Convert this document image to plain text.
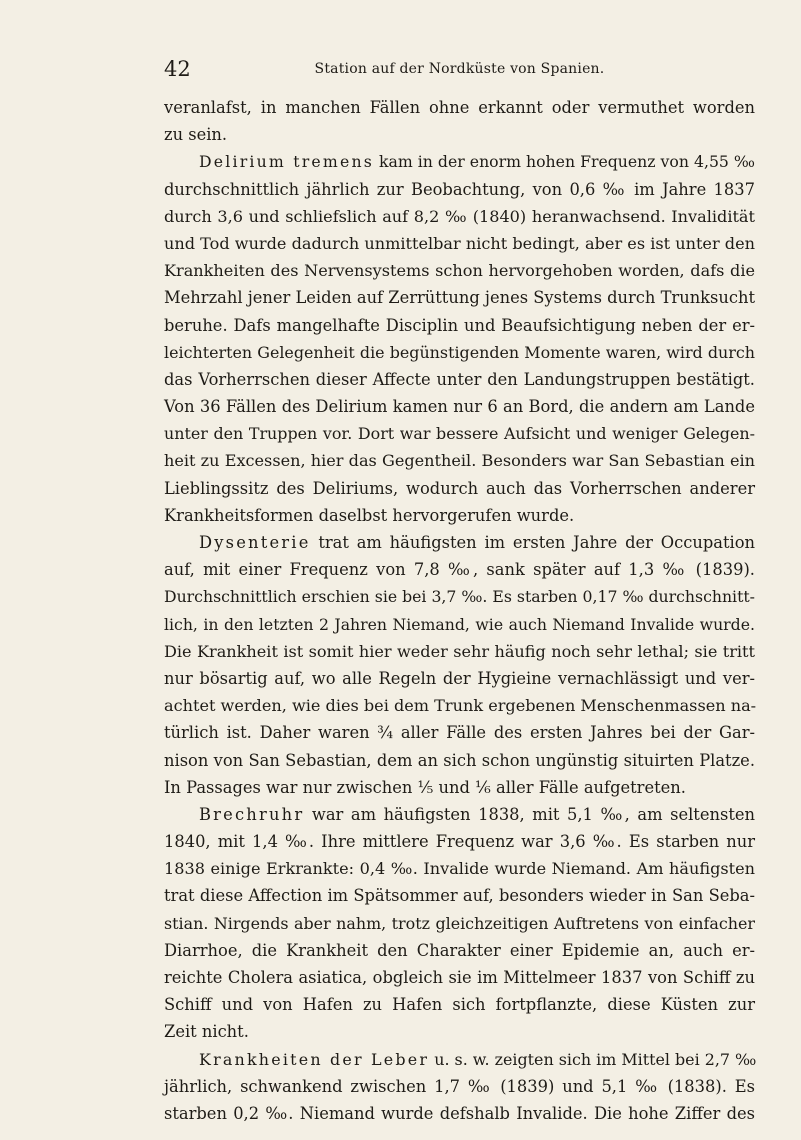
42	Station auf der Nordküste von Spanien.
veranlafst, in manchen Fällen ohne erkannt oder vermuthet worden
zu sein.
Delirium tremens kam in der enorm hohen Frequenz von 4,55 ‰
durchschnittlich jährlich zur Beobachtung, von 0,6 ‰ im Jahre 1837
durch 3,6 und schliefslich auf 8,2 ‰ (1840) heranwachsend. Invalidität
und Tod wurde dadurch unmittelbar nicht bedingt, aber es ist unter den
Krankheiten des Nervensystems schon hervorgehoben worden, dafs die
Mehrzahl jener Leiden auf Zerrüttung jenes Systems durch Trunksucht
beruhe. Dafs mangelhafte Disciplin und Beaufsichtigung neben der er-
leichterten Gelegenheit die begünstigenden Momente waren, wird durch
das Vorherrschen dieser Affecte unter den Landungstruppen bestätigt.
Von 36 Fällen des Delirium kamen nur 6 an Bord, die andern am Lande
unter den Truppen vor. Dort war bessere Aufsicht und weniger Gelegen-
heit zu Excessen, hier das Gegentheil. Besonders war San Sebastian ein
Lieblingssitz des Deliriums, wodurch auch das Vorherrschen anderer
Krankheitsformen daselbst hervorgerufen wurde.
Dysenterie trat am häufigsten im ersten Jahre der Occupation
auf, mit einer Frequenz von 7,8 ‰, sank später auf 1,3 ‰ (1839).
Durchschnittlich erschien sie bei 3,7 ‰. Es starben 0,17 ‰ durchschnitt-
lich, in den letzten 2 Jahren Niemand, wie auch Niemand Invalide wurde.
Die Krankheit ist somit hier weder sehr häufig noch sehr lethal; sie tritt
nur bösartig auf, wo alle Regeln der Hygieine vernachlässigt und ver-
achtet werden, wie dies bei dem Trunk ergebenen Menschenmassen na-
türlich ist. Daher waren ¾ aller Fälle des ersten Jahres bei der Gar-
nison von San Sebastian, dem an sich schon ungünstig situirten Platze.
In Passages war nur zwischen ⅕ und ⅙ aller Fälle aufgetreten.
Brechruhr war am häufigsten 1838, mit 5,1 ‰, am seltensten
1840, mit 1,4 ‰. Ihre mittlere Frequenz war 3,6 ‰. Es starben nur
1838 einige Erkrankte: 0,4 ‰. Invalide wurde Niemand. Am häufigsten
trat diese Affection im Spätsommer auf, besonders wieder in San Seba-
stian. Nirgends aber nahm, trotz gleichzeitigen Auftretens von einfacher
Diarrhoe, die Krankheit den Charakter einer Epidemie an, auch er-
reichte Cholera asiatica, obgleich sie im Mittelmeer 1837 von Schiff zu
Schiff und von Hafen zu Hafen sich fortpflanzte, diese Küsten zur
Zeit nicht.
Krankheiten der Leber u. s. w. zeigten sich im Mittel bei 2,7 ‰
jährlich, schwankend zwischen 1,7 ‰ (1839) und 5,1 ‰ (1838). Es
starben 0,2 ‰. Niemand wurde defshalb Invalide. Die hohe Ziffer des
